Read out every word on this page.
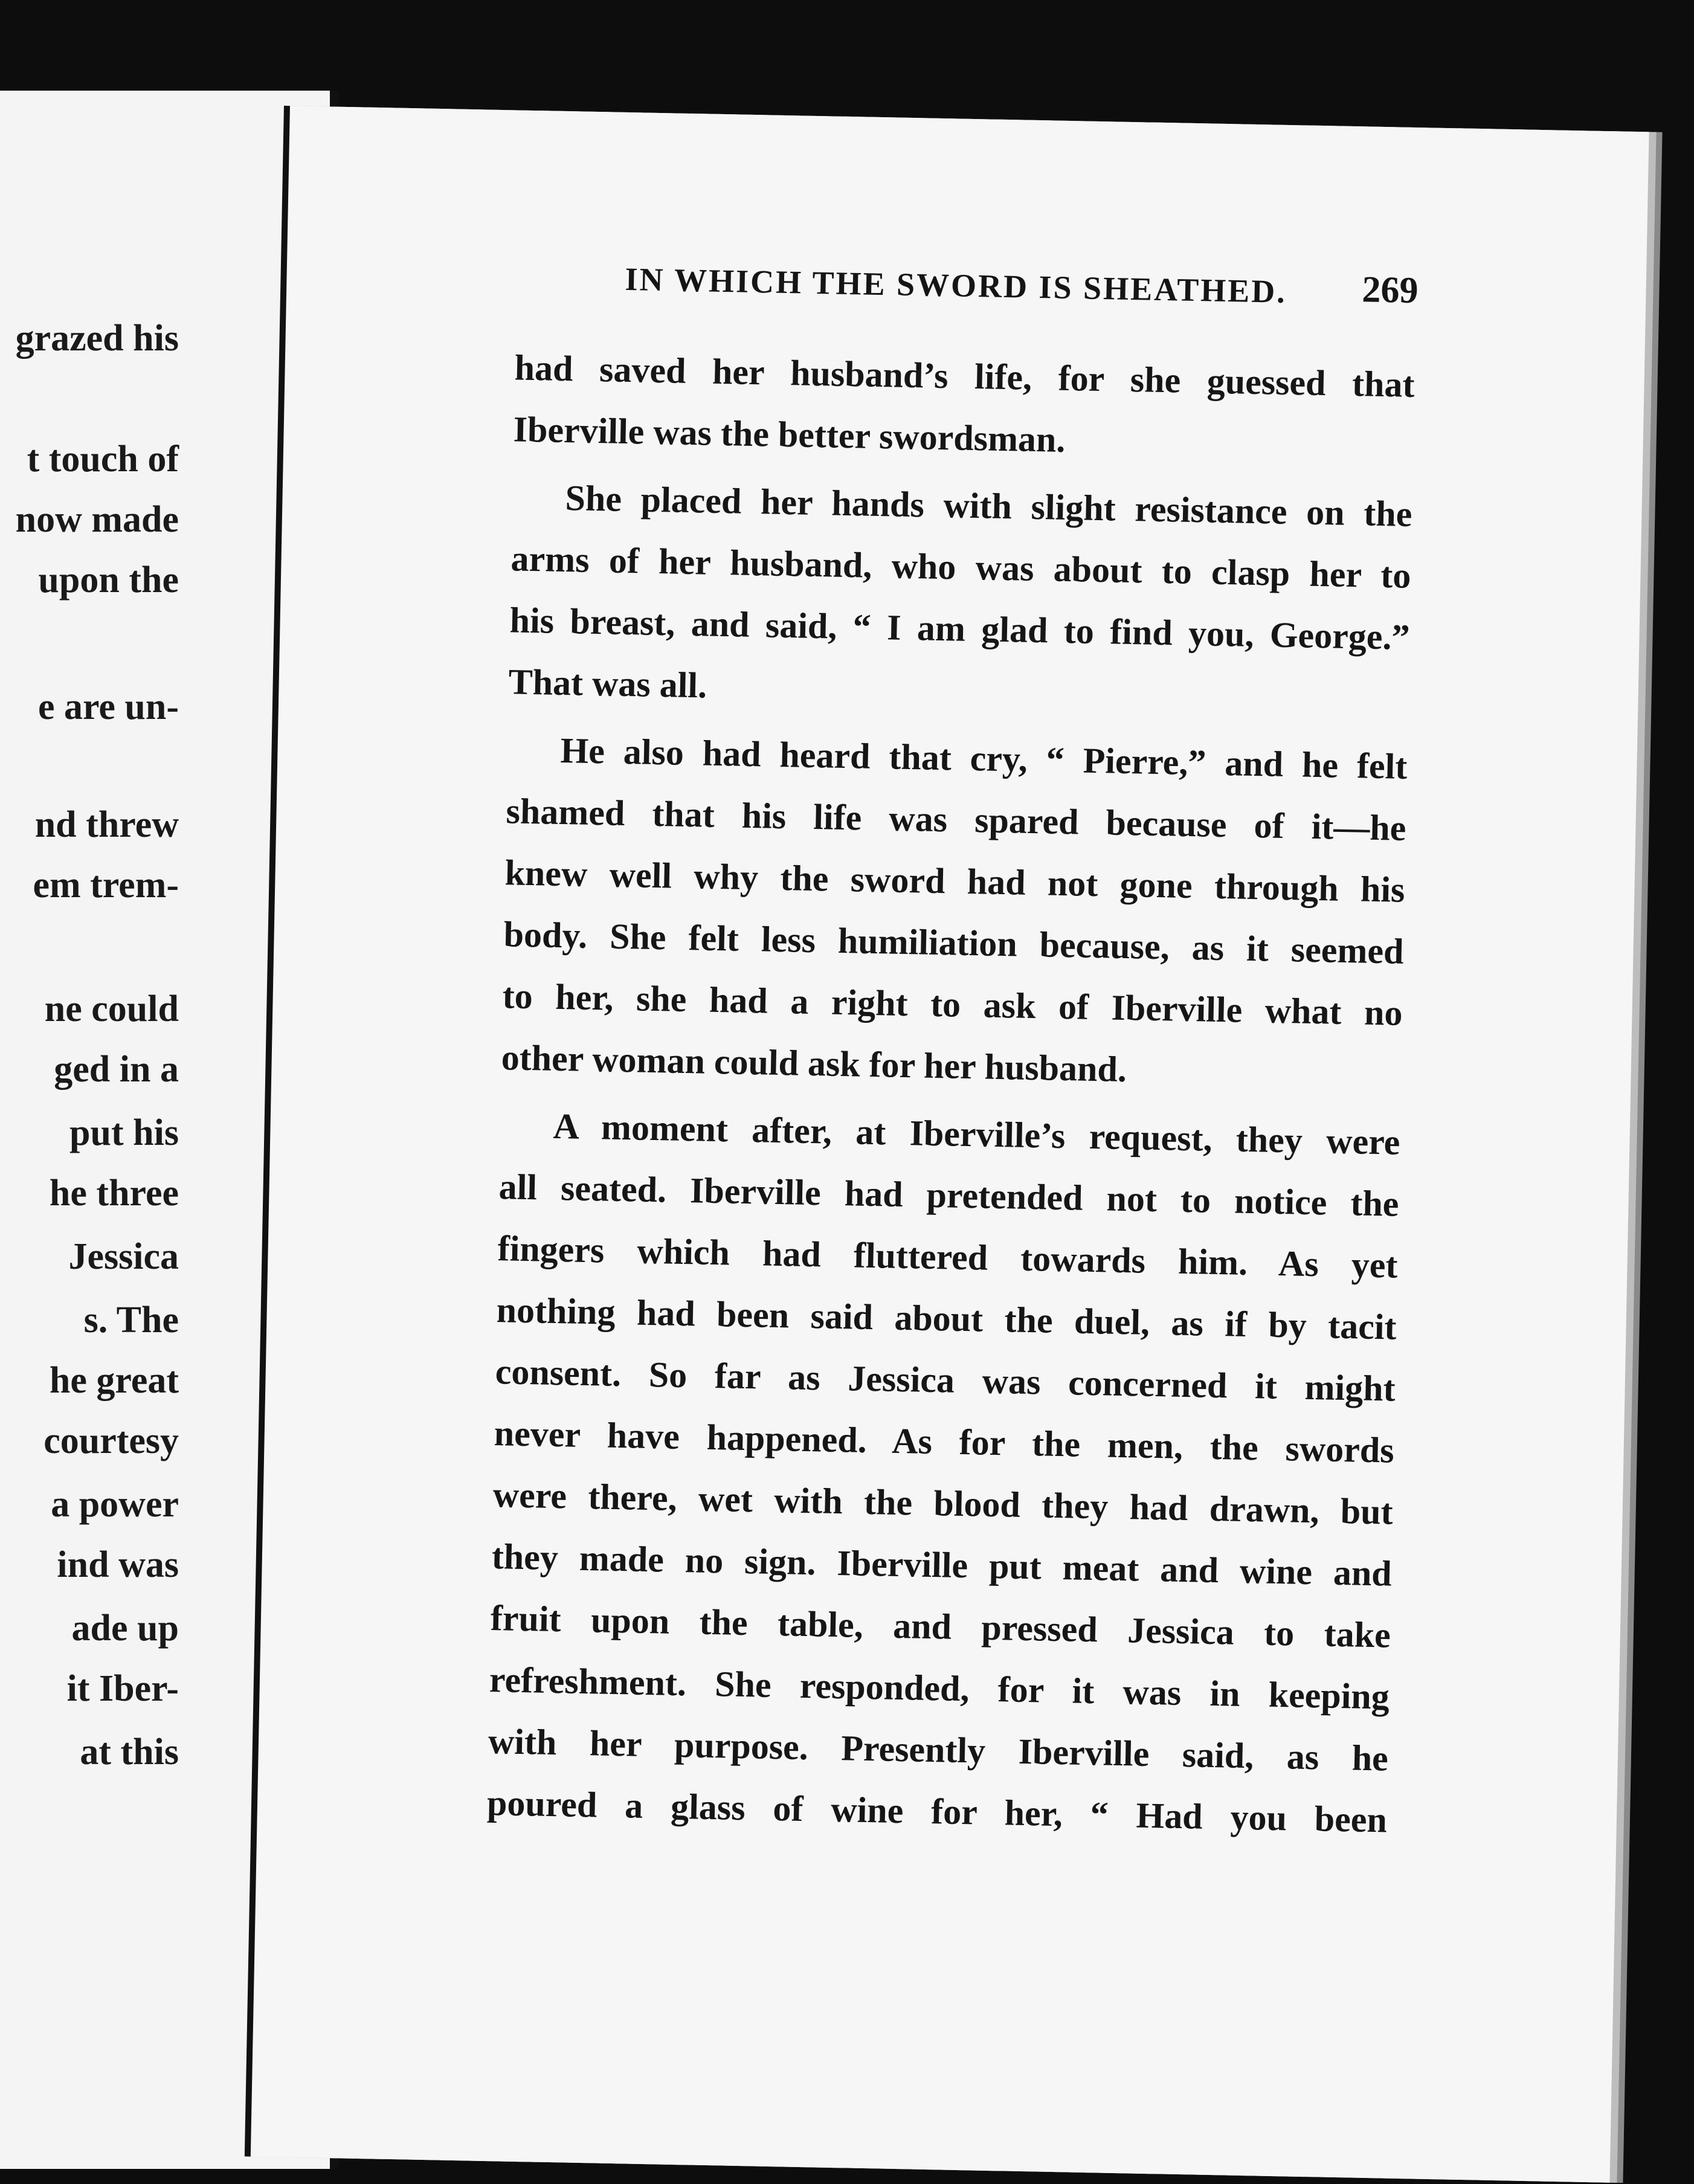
grazed his
t touch of
now made
upon the
e are un-
nd threw
em trem-
ne could
ged in a
put his
he three
Jessica
s. The
he great
courtesy
a power
ind was
ade up
it Iber-
at this
IN WHICH THE SWORD IS SHEATHED.	269
had saved her husband’s life, for she guessed that
Iberville was the better swordsman.
She placed her hands with slight resistance on the
arms of her husband, who was about to clasp her to
his breast, and said, “ I am glad to find you, George.”
That was all.
He also had heard that cry, “ Pierre,” and he felt
shamed that his life was spared because of it—he
knew well why the sword had not gone through his
body. She felt less humiliation because, as it seemed
to her, she had a right to ask of Iberville what no
other woman could ask for her husband.
A moment after, at Iberville’s request, they were
all seated. Iberville had pretended not to notice the
fingers which had fluttered towards him. As yet
nothing had been said about the duel, as if by tacit
consent. So far as Jessica was concerned it might
never have happened. As for the men, the swords
were there, wet with the blood they had drawn, but
they made no sign. Iberville put meat and wine and
fruit upon the table, and pressed Jessica to take
refreshment. She responded, for it was in keeping
with her purpose. Presently Iberville said, as he
poured a glass of wine for her, “ Had you been
